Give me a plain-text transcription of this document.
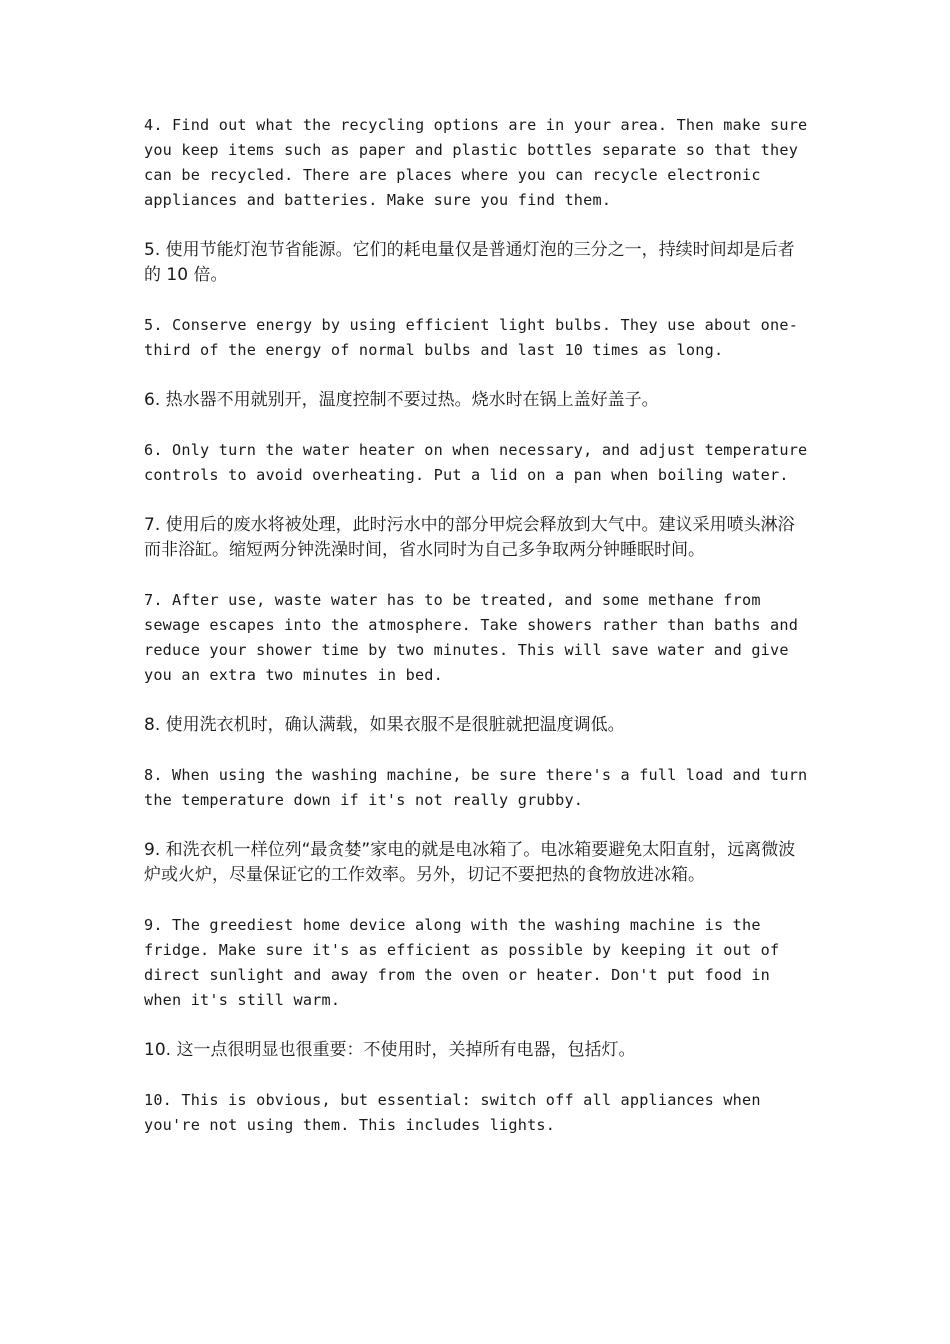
4. Find out what the recycling options are in your area. Then make sure you keep items such as paper and plastic bottles separate so that they can be recycled. There are places where you can recycle electronic appliances and batteries. Make sure you find them.

5. 使用节能灯泡节省能源。它们的耗电量仅是普通灯泡的三分之一，持续时间却是后者的 10 倍。

5. Conserve energy by using efficient light bulbs. They use about one-third of the energy of normal bulbs and last 10 times as long.

6. 热水器不用就别开，温度控制不要过热。烧水时在锅上盖好盖子。

6. Only turn the water heater on when necessary, and adjust temperature controls to avoid overheating. Put a lid on a pan when boiling water.

7. 使用后的废水将被处理，此时污水中的部分甲烷会释放到大气中。建议采用喷头淋浴而非浴缸。缩短两分钟洗澡时间，省水同时为自己多争取两分钟睡眠时间。

7. After use, waste water has to be treated, and some methane from sewage escapes into the atmosphere. Take showers rather than baths and reduce your shower time by two minutes. This will save water and give you an extra two minutes in bed.

8. 使用洗衣机时，确认满载，如果衣服不是很脏就把温度调低。

8. When using the washing machine, be sure there's a full load and turn the temperature down if it's not really grubby.

9. 和洗衣机一样位列“最贪婪”家电的就是电冰箱了。电冰箱要避免太阳直射，远离微波炉或火炉，尽量保证它的工作效率。另外，切记不要把热的食物放进冰箱。

9. The greediest home device along with the washing machine is the fridge. Make sure it's as efficient as possible by keeping it out of direct sunlight and away from the oven or heater. Don't put food in when it's still warm.

10. 这一点很明显也很重要：不使用时，关掉所有电器，包括灯。

10. This is obvious, but essential: switch off all appliances when you're not using them. This includes lights.
